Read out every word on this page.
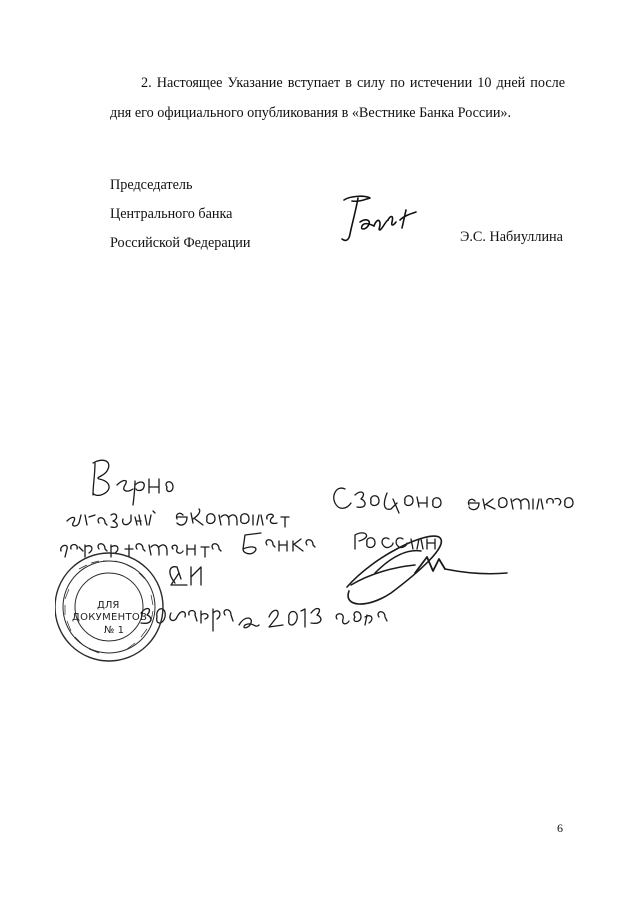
2. Настоящее Указание вступает в силу по истечении 10 дней после
дня его официального опубликования в «Вестнике Банка России».
Председатель
Центрального банка
Российской Федерации	Э.С. Набиуллина
ДЛЯ
ДОКУМЕНТОВ
№ 1
6
